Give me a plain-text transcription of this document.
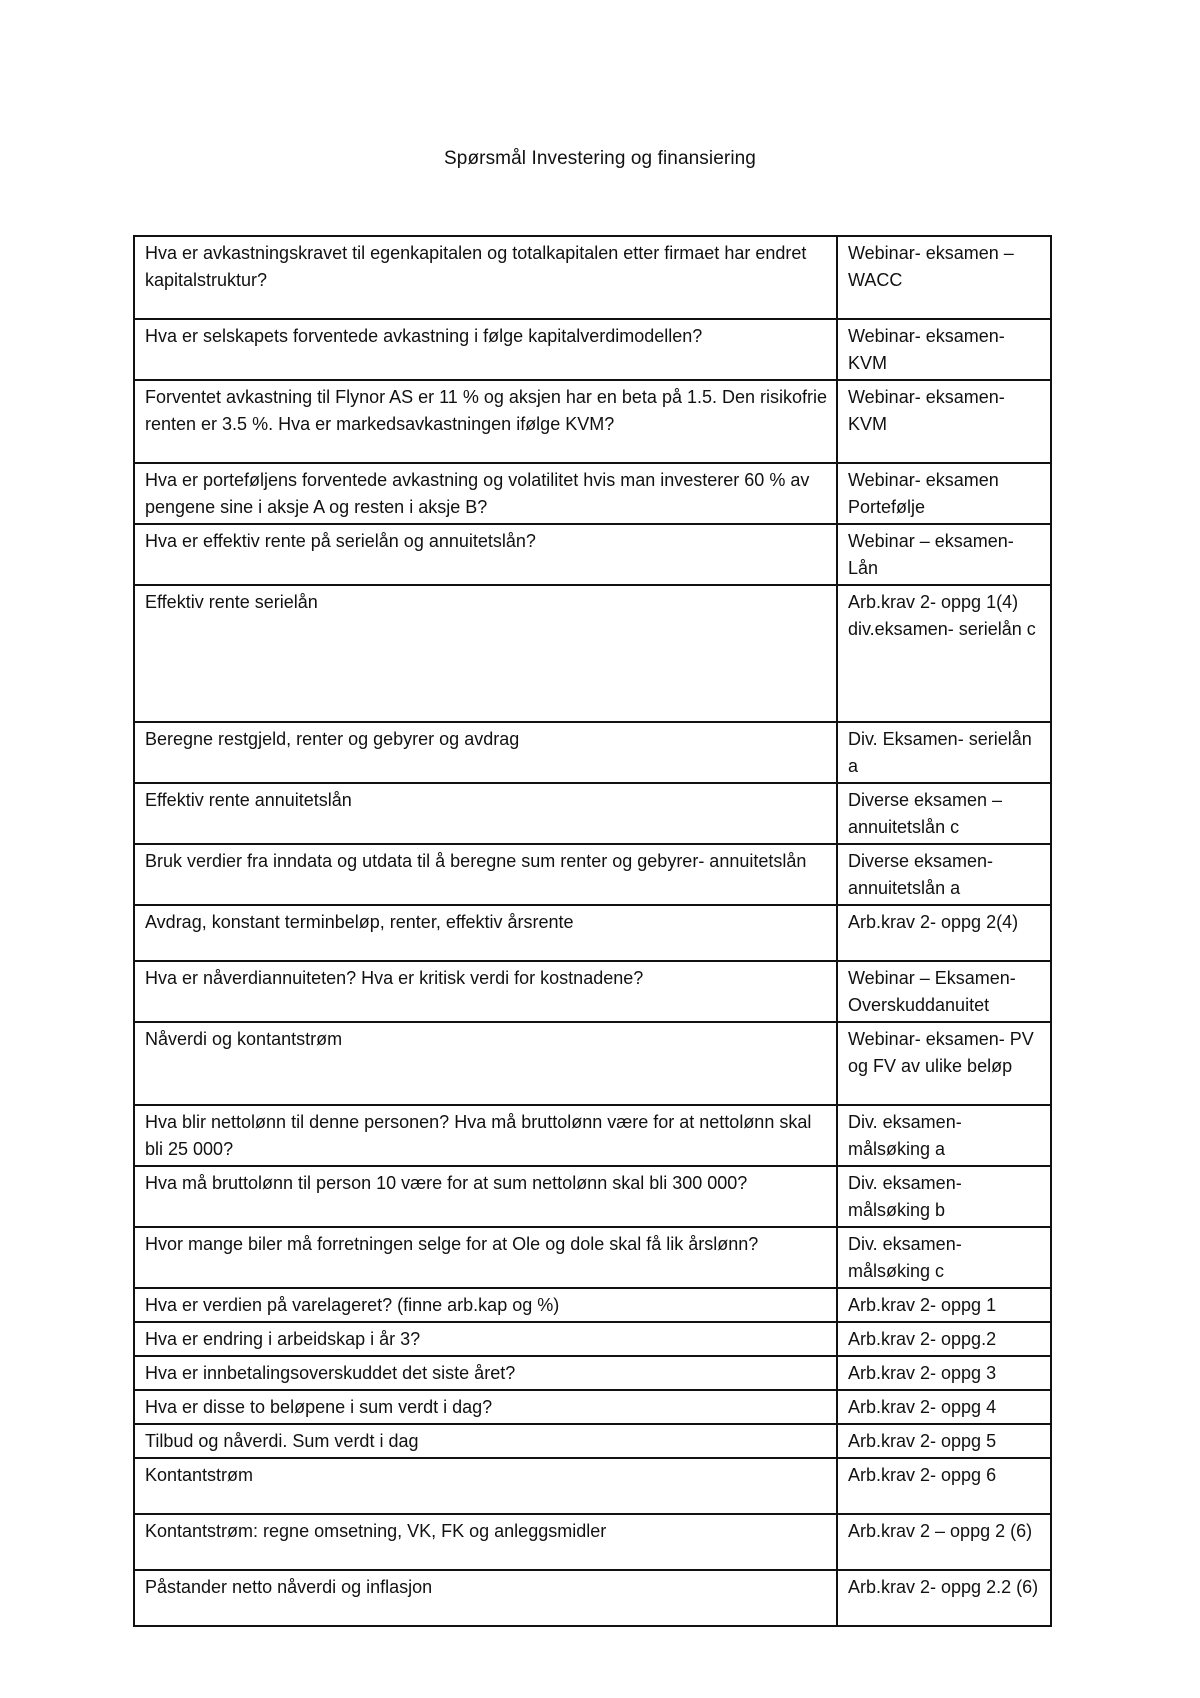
Spørsmål Investering og finansiering
Hva er avkastningskravet til egenkapitalen og totalkapitalen etter firmaet har endret kapitalstruktur?	Webinar- eksamen – WACC
Hva er selskapets forventede avkastning i følge kapitalverdimodellen?	Webinar- eksamen- KVM
Forventet avkastning til Flynor AS er 11 % og aksjen har en beta på 1.5. Den risikofrie renten er 3.5 %. Hva er markedsavkastningen ifølge KVM?	Webinar- eksamen- KVM
Hva er porteføljens forventede avkastning og volatilitet hvis man investerer 60 % av pengene sine i aksje A og resten i aksje B?	Webinar- eksamen Portefølje
Hva er effektiv rente på serielån og annuitetslån?	Webinar – eksamen- Lån
Effektiv rente serielån	Arb.krav 2- oppg 1(4) div.eksamen- serielån c
Beregne restgjeld, renter og gebyrer og avdrag	Div. Eksamen- serielån a
Effektiv rente annuitetslån	Diverse eksamen – annuitetslån c
Bruk verdier fra inndata og utdata til å beregne sum renter og gebyrer- annuitetslån	Diverse eksamen- annuitetslån a
Avdrag, konstant terminbeløp, renter, effektiv årsrente	Arb.krav 2- oppg 2(4)
Hva er nåverdiannuiteten? Hva er kritisk verdi for kostnadene?	Webinar – Eksamen- Overskuddanuitet
Nåverdi og kontantstrøm	Webinar- eksamen- PV og FV av ulike beløp
Hva blir nettolønn til denne personen? Hva må bruttolønn være for at nettolønn skal bli 25 000?	Div. eksamen- målsøking a
Hva må bruttolønn til person 10 være for at sum nettolønn skal bli 300 000?	Div. eksamen- målsøking b
Hvor mange biler må forretningen selge for at Ole og dole skal få lik årslønn?	Div. eksamen- målsøking c
Hva er verdien på varelageret? (finne arb.kap og %)	Arb.krav 2- oppg 1
Hva er endring i arbeidskap i år 3?	Arb.krav 2- oppg.2
Hva er innbetalingsoverskuddet det siste året?	Arb.krav 2- oppg 3
Hva er disse to beløpene i sum verdt i dag?	Arb.krav 2- oppg 4
Tilbud og nåverdi. Sum verdt i dag	Arb.krav 2- oppg 5
Kontantstrøm	Arb.krav 2- oppg 6
Kontantstrøm: regne omsetning, VK, FK og anleggsmidler	Arb.krav 2 – oppg 2 (6)
Påstander netto nåverdi og inflasjon	Arb.krav 2- oppg 2.2 (6)
